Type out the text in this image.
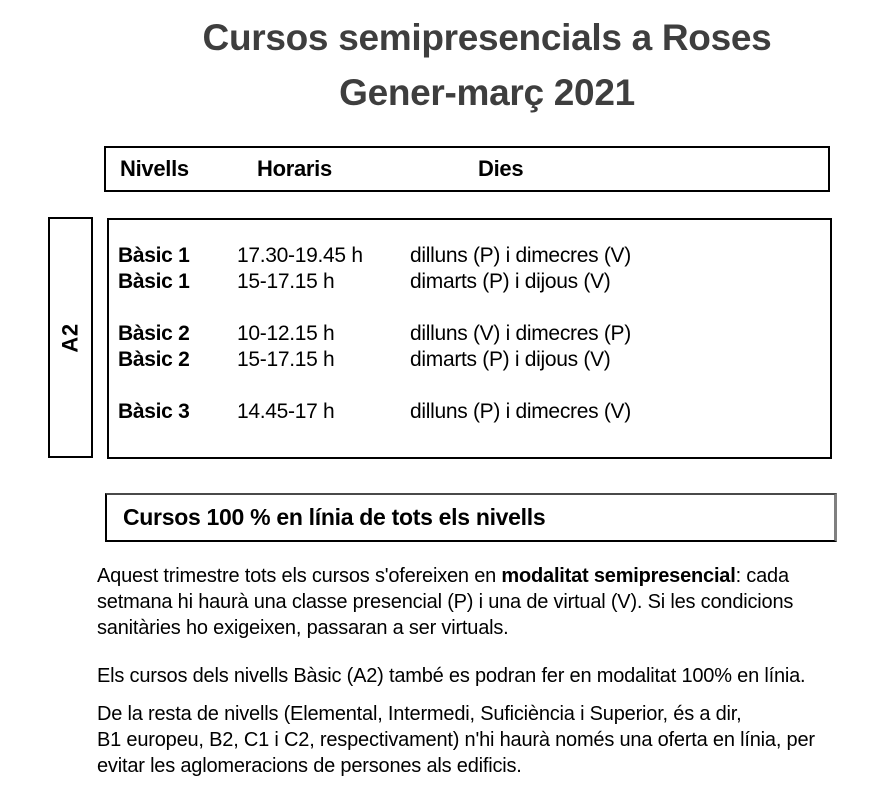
Cursos semipresencials a Roses
Gener-març 2021
Nivells	Horaris	Dies
A2
Bàsic 1	17.30-19.45 h	dilluns (P) i dimecres (V)
Bàsic 1	15-17.15 h	dimarts (P) i dijous (V)
Bàsic 2	10-12.15 h	dilluns (V) i dimecres (P)
Bàsic 2	15-17.15 h	dimarts (P) i dijous (V)
Bàsic 3	14.45-17 h	dilluns (P) i dimecres (V)
Cursos 100 % en línia de tots els nivells
Aquest trimestre tots els cursos s'ofereixen en modalitat semipresencial: cada
setmana hi haurà una classe presencial (P) i una de virtual (V). Si les condicions
sanitàries ho exigeixen, passaran a ser virtuals.
Els cursos dels nivells Bàsic (A2) també es podran fer en modalitat 100% en línia.
De la resta de nivells (Elemental, Intermedi, Suficiència i Superior, és a dir,
B1 europeu, B2, C1 i C2, respectivament) n'hi haurà només una oferta en línia, per
evitar les aglomeracions de persones als edificis.
